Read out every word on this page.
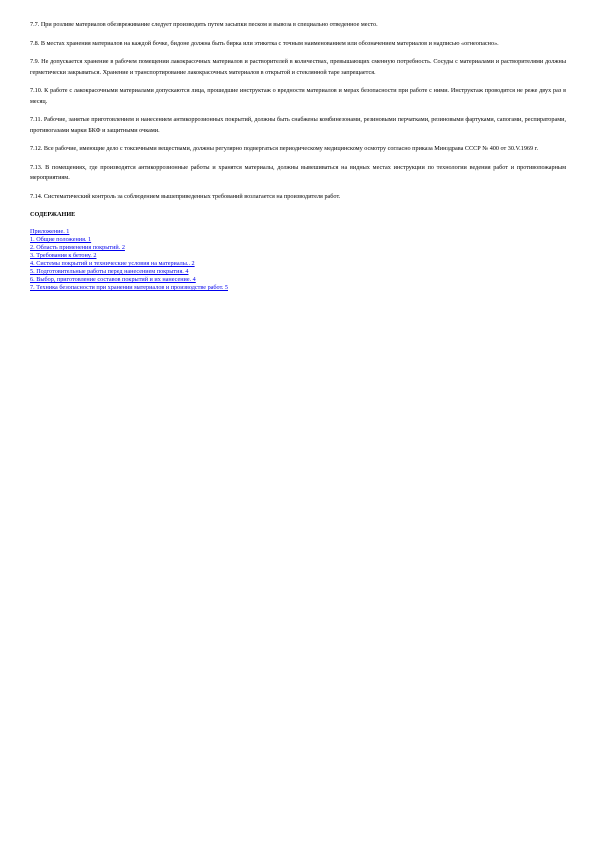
7.7. При розливе материалов обезвреживание следует производить путем засыпки песком и вывоза в специально отведенное место.

7.8. В местах хранения материалов на каждой бочке, бидоне должна быть бирка или этикетка с точным наименованием или обозначением материалов и надписью «огнеопасно».

7.9. Не допускается хранение в рабочем помещении лакокрасочных материалов и растворителей в количествах, превышающих сменную потребность. Сосуды с материалами и растворителями должны герметически закрываться. Хранение и транспортирование лакокрасочных материалов в открытой и стеклянной таре запрещается.

7.10. К работе с лакокрасочными материалами допускаются лица, прошедшие инструктаж о вредности материалов и мерах безопасности при работе с ними. Инструктаж проводится не реже двух раз в месяц.

7.11. Рабочие, занятые приготовлением и нанесением антикоррозионных покрытий, должны быть снабжены комбинезонами, резиновыми перчатками, резиновыми фартуками, сапогами, респираторами, противогазами марки БКФ и защитными очками.

7.12. Все рабочие, имеющие дело с токсичными веществами, должны регулярно подвергаться периодическому медицинскому осмотру согласно приказа Минздрава СССР № 400 от 30.V.1969 г.

7.13. В помещениях, где производятся антикоррозионные работы и хранятся материалы, должны вывешиваться на видных местах инструкции по технологии ведения работ и противопожарным мероприятиям.

7.14. Систематический контроль за соблюдением вышеприведенных требований возлагается на производителя работ.

СОДЕРЖАНИЕ
Приложение. 1
1. Общие положения. 1
2. Область применения покрытий. 2
3. Требования к бетону. 2
4. Системы покрытий и технические условия на материалы.. 2
5. Подготовительные работы перед нанесением покрытия. 4
6. Выбор, приготовление составов покрытий и их нанесение. 4
7. Техника безопасности при хранении материалов и производстве работ. 5
